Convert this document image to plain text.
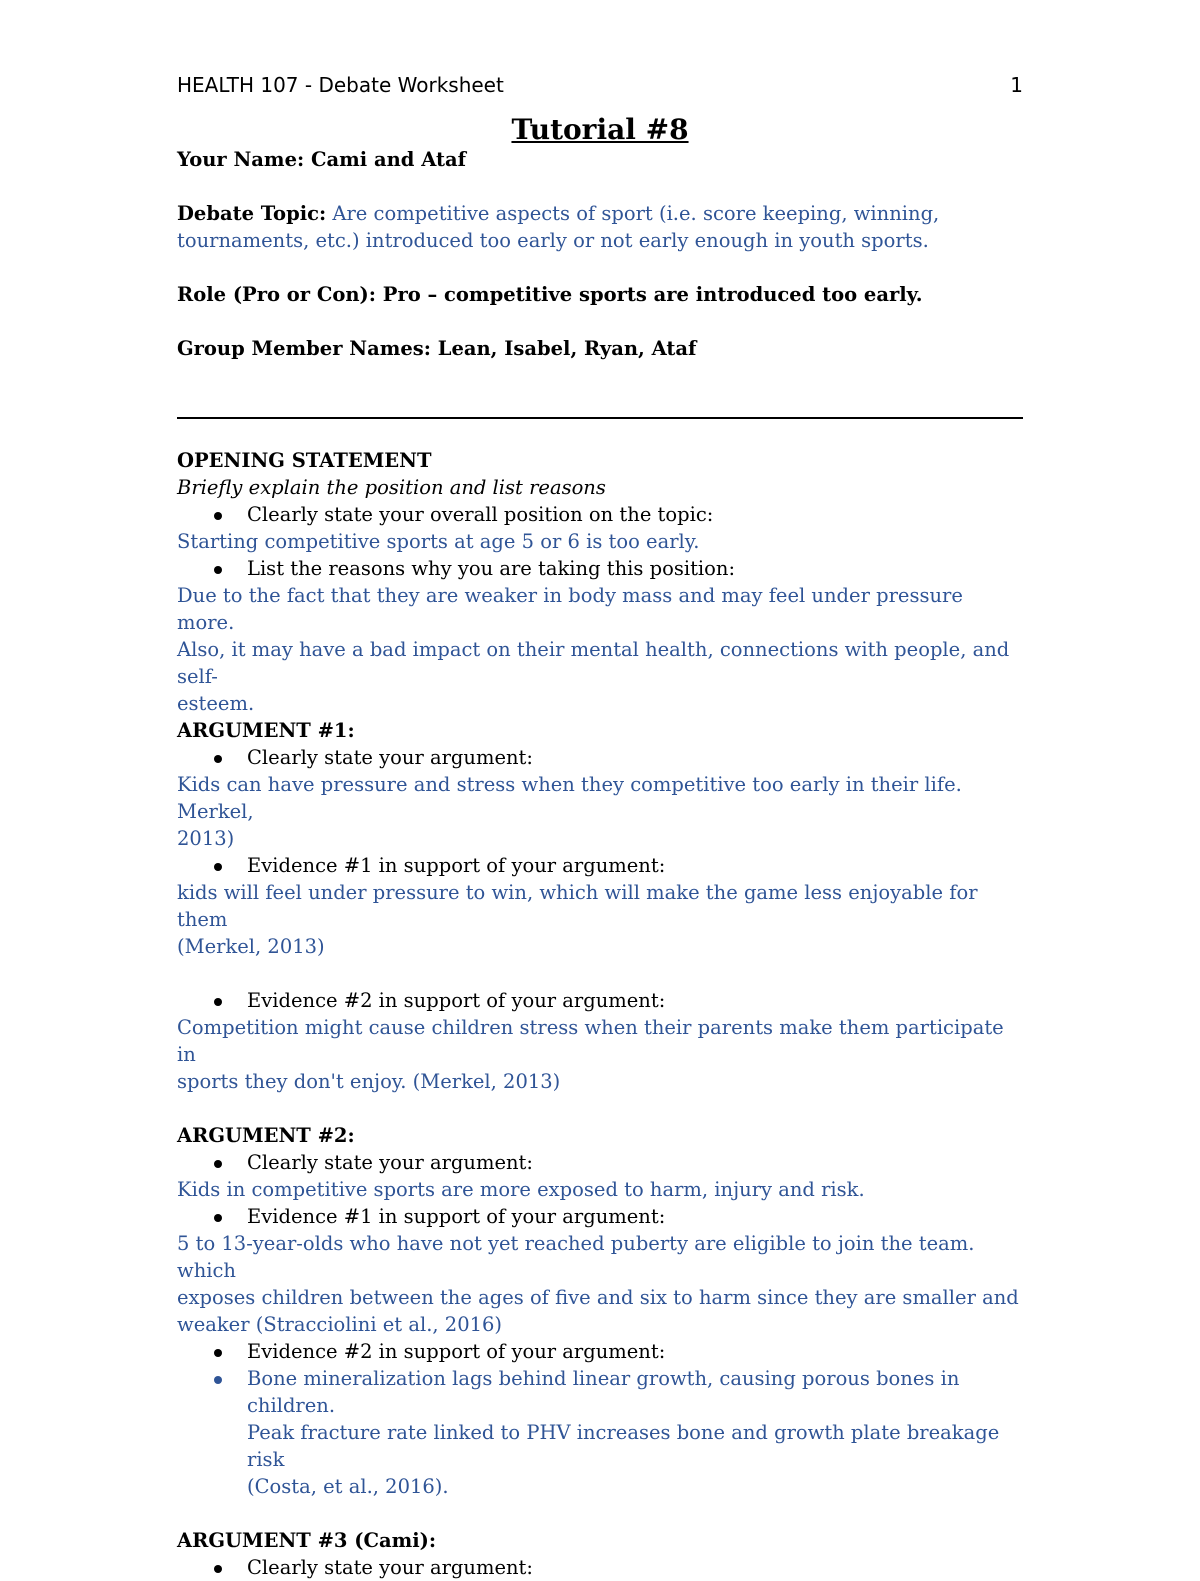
HEALTH 107 - Debate Worksheet	1
Tutorial #8

Your Name: Cami and Ataf

Debate Topic: Are competitive aspects of sport (i.e. score keeping, winning,

tournaments, etc.) introduced too early or not early enough in youth sports.

Role (Pro or Con): Pro – competitive sports are introduced too early.

Group Member Names: Lean, Isabel, Ryan, Ataf

OPENING STATEMENT

Briefly explain the position and list reasons

Clearly state your overall position on the topic:

Starting competitive sports at age 5 or 6 is too early.

List the reasons why you are taking this position:

Due to the fact that they are weaker in body mass and may feel under pressure more.

Also, it may have a bad impact on their mental health, connections with people, and self-

esteem.

ARGUMENT #1:

Clearly state your argument:

Kids can have pressure and stress when they competitive too early in their life. Merkel,

2013)

Evidence #1 in support of your argument:

kids will feel under pressure to win, which will make the game less enjoyable for them

(Merkel, 2013)

Evidence #2 in support of your argument:

Competition might cause children stress when their parents make them participate in

sports they don't enjoy. (Merkel, 2013)

ARGUMENT #2:

Clearly state your argument:

Kids in competitive sports are more exposed to harm, injury and risk.

Evidence #1 in support of your argument:

5 to 13-year-olds who have not yet reached puberty are eligible to join the team. which

exposes children between the ages of five and six to harm since they are smaller and

weaker (Stracciolini et al., 2016)

Evidence #2 in support of your argument:
Bone mineralization lags behind linear growth, causing porous bones in children.
Peak fracture rate linked to PHV increases bone and growth plate breakage risk
(Costa, et al., 2016).

ARGUMENT #3 (Cami):

Clearly state your argument:
